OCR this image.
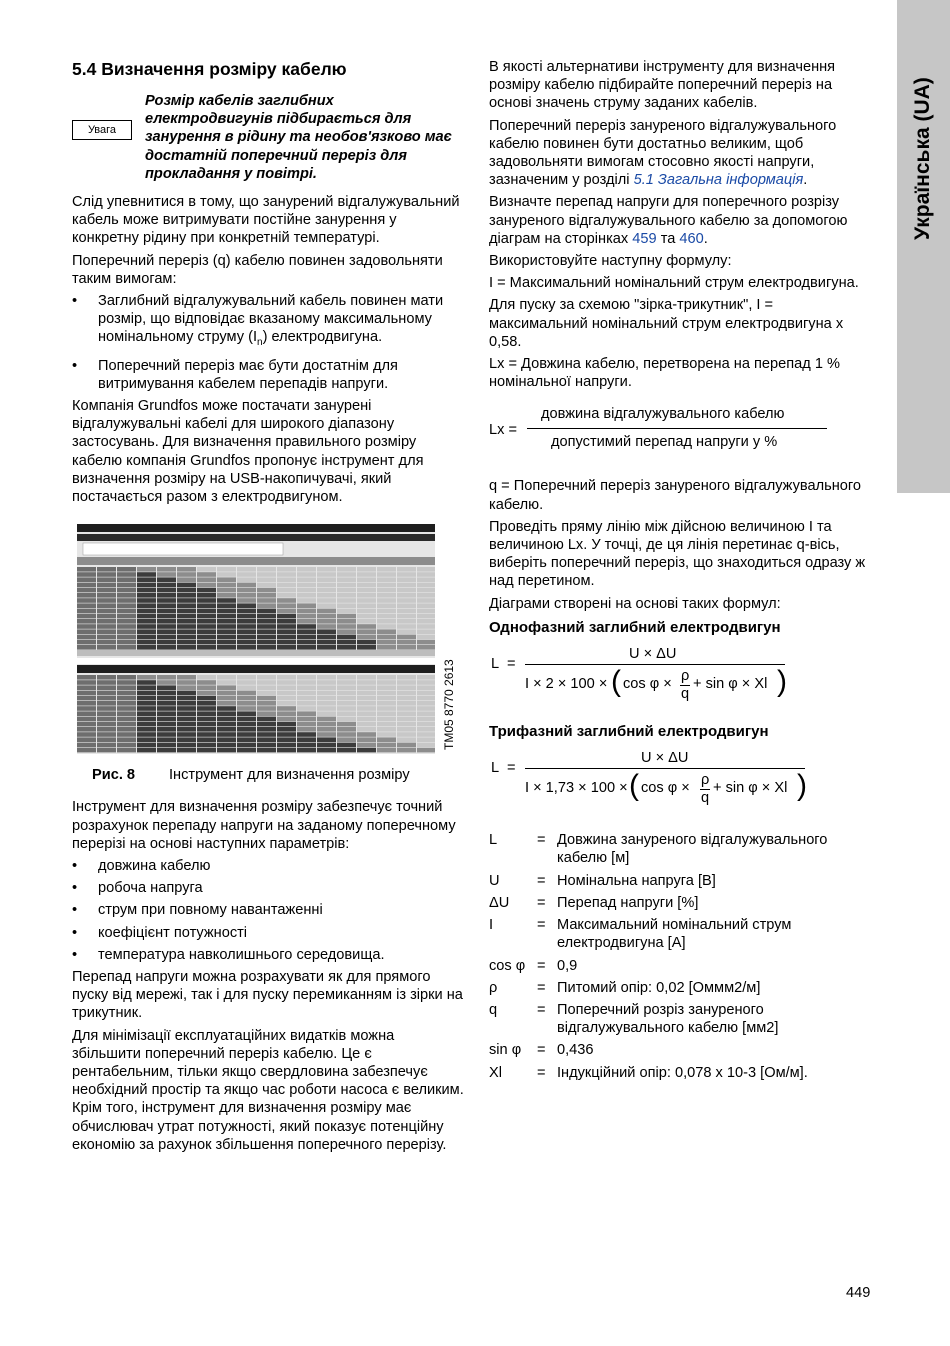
Українська (UA)
5.4 Визначення розміру кабелю
Увага
Розмір кабелів заглибних електродвигунів підбирається для занурення в рідину та необов'язково має достатній поперечний переріз для прокладання у повітрі.

Слід упевнитися в тому, що занурений відгалужувальний кабель може витримувати постійне занурення у конкретну рідину при конкретній температурі.

Поперечний переріз (q) кабелю повинен задовольняти таким вимогам:

• Заглибний відгалужувальний кабель повинен мати розмір, що відповідає вказаному максимальному номінальному струму $(I_n)$ електродвигуна.
• Поперечний переріз має бути достатнім для витримування кабелем перепадів напруги.

Компанія Grundfos може постачати занурені відгалужувальні кабелі для широкого діапазону застосувань. Для визначення правильного розміру кабелю компанія Grundfos пропонує інструмент для визначення розміру на USB-накопичувачі, який постачається разом з електродвигуном.

TM05 8770 2613
Рис. 8 Інструмент для визначення розміру

Інструмент для визначення розміру забезпечує точний розрахунок перепаду напруги на заданому поперечному перерізі на основі наступних параметрів:

• довжина кабелю
• робоча напруга
• струм при повному навантаженні
• коефіцієнт потужності
• температура навколишнього середовища.

Перепад напруги можна розрахувати як для прямого пуску від мережі, так і для пуску перемиканням із зірки на трикутник.

Для мінімізації експлуатаційних видатків можна збільшити поперечний переріз кабелю. Це є рентабельним, тільки якщо свердловина забезпечує необхідний простір та якщо час роботи насоса є великим. Крім того, інструмент для визначення розміру має обчислювач утрат потужності, який показує потенційну економію за рахунок збільшення поперечного перерізу.

В якості альтернативи інструменту для визначення розміру кабелю підбирайте поперечний переріз на основі значень струму заданих кабелів.

Поперечний переріз зануреного відгалужувального кабелю повинен бути достатньо великим, щоб задовольняти вимогам стосовно якості напруги, зазначеним у розділі 5.1 Загальна інформація.

Визначте перепад напруги для поперечного розрізу зануреного відгалужувального кабелю за допомогою діаграм на сторінках 459 та 460.

Використовуйте наступну формулу:

I = Максимальний номінальний струм електродвигуна.

Для пуску за схемою "зірка-трикутник", I = максимальний номінальний струм електродвигуна x 0,58.

Lx = Довжина кабелю, перетворена на перепад 1 % номінальної напруги.

Lx =
довжина відгалужувального кабелю
допустимий перепад напруги у %

q = Поперечний переріз зануреного відгалужувального кабелю.

Проведіть пряму лінію між дійсною величиною I та величиною Lx. У точці, де ця лінія перетинає q-вісь, виберіть поперечний переріз, що знаходиться одразу ж над перетином.

Діаграми створені на основі таких формул:

Однофазний заглибний електродвигун
L =
U × ΔU
I × 2 × 100 × ( cos φ × ρ
q
+ sin φ × Xl )
Трифазний заглибний електродвигун
L =
U × ΔU
I × 1,73 × 100 × ( cos φ × ρ
q
+ sin φ × Xl )
L	= Довжина зануреного відгалужувального кабелю [м]
U	= Номінальна напруга [В]
ΔU	= Перепад напруги [%]
I	= Максимальний номінальний струм електродвигуна [А]
cos φ = 0,9
ρ	= Питомий опір: 0,02 [Оммм2/м]
q	= Поперечний розріз зануреного відгалужувального кабелю [мм2]
sin φ	= 0,436
Xl	= Індукційний опір: 0,078 x 10-3 [Ом/м].
449
